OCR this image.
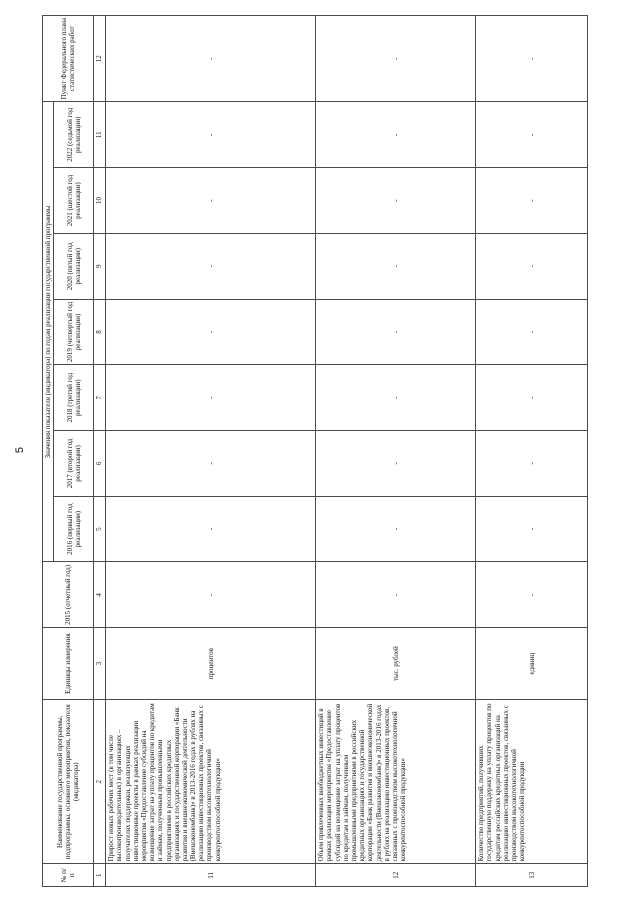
5
№ п/п	Наименование государственной программы, подпрограммы, основного мероприятия, показателя (индикатора)	Единицы измерения	2015 (отчетный год)	Значения показателя (индикатора) по годам реализации государственной программы							Пункт Федерального плана статистических работ
				2016 (первый год реализации)	2017 (второй год реализации)	2018 (третий год реализации)	2019 (четвертый год реализации)	2020 (пятый год реализации)	2021 (шестой год реализации)	2022 (седьмой год реализации)	
1	2	3	4	5	6	7	8	9	10	11	12
11	Прирост новых рабочих мест (в том числе высокопроизводительных) в организациях – получателях поддержки, реализующих инвестиционные проекты в рамках реализации мероприятия «Предоставление субсидий на возмещение затрат на уплату процентов по кредитам и займам, полученным промышленными предприятиями в российских кредитных организациях и государственной корпорации «Банк развития и внешнеэкономической деятельности (Внешэкономбанк)» в 2013-2016 годах в рублях на реализацию инвестиционных проектов, связанных с производством высокотехнологичной конкурентоспособной продукции»	процентов	-	-	-	-	-	-	-	-	-
12	Объем привлеченных внебюджетных инвестиций в рамках реализации мероприятия «Предоставление субсидий на возмещение затрат на уплату процентов по кредитам и займам, полученным промышленными предприятиями в российских кредитных организациях и государственной корпорации «Банк развития и внешнеэкономической деятельности (Внешэкономбанк)» в 2013-2016 годах в рублях на реализацию инвестиционных проектов, связанных с производством высокотехнологичной конкурентоспособной продукции»	тыс. рублей	-	-	-	-	-	-	-	-	-
13	Количество предприятий, получивших государственную поддержку на уплату процентов по кредитам российских кредитных организаций на реализацию инвестиционных проектов, связанных с производством высокотехнологичной конкурентоспособной продукции	единиц	-	-	-	-	-	-	-	-	-
